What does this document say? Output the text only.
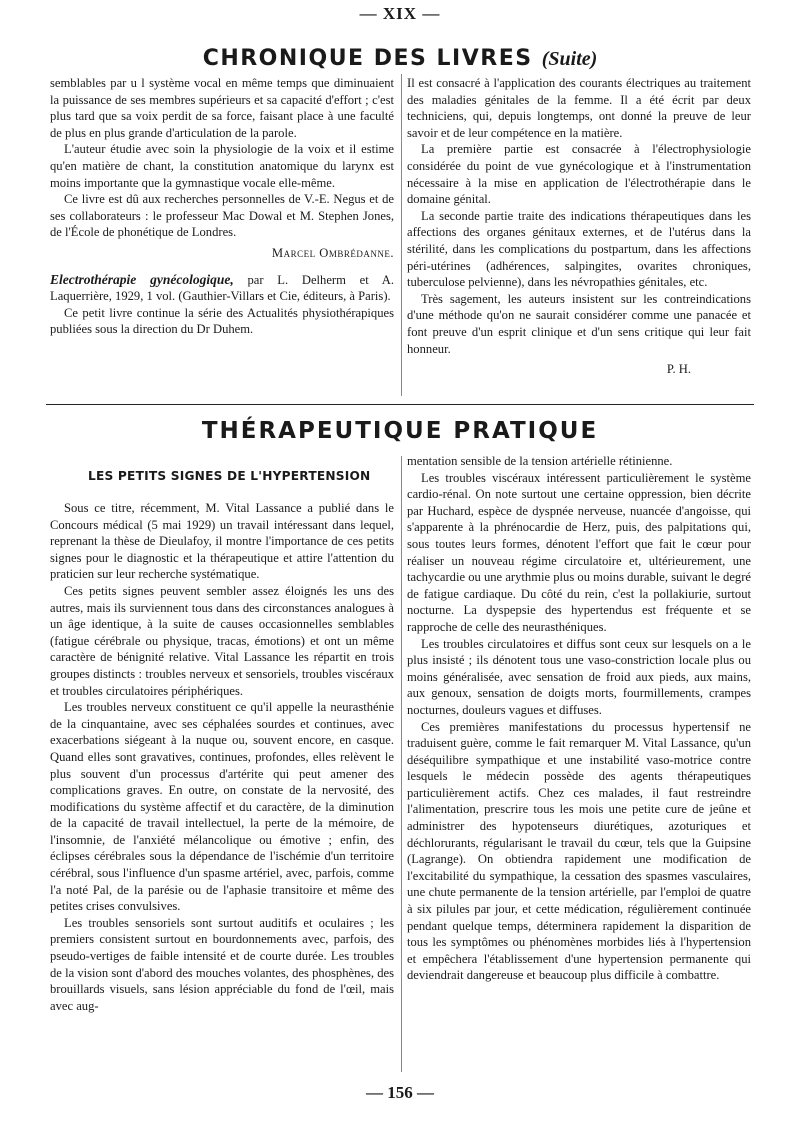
— XIX —
CHRONIQUE DES LIVRES (Suite)

semblables par u l système vocal en même temps que diminuaient la puissance de ses membres supérieurs et sa capacité d'effort ; c'est plus tard que sa voix perdit de sa force, faisant place à une faculté de plus en plus grande d'articulation de la parole.

L'auteur étudie avec soin la physiologie de la voix et il estime qu'en matière de chant, la constitution anatomique du larynx est moins importante que la gymnastique vocale elle-même.

Ce livre est dû aux recherches personnelles de V.-E. Negus et de ses collaborateurs : le professeur Mac Dowal et M. Stephen Jones, de l'École de phonétique de Londres.

Marcel Ombrédanne.

Electrothérapie gynécologique, par L. Delherm et A. Laquerrière, 1929, 1 vol. (Gauthier-Villars et Cie, éditeurs, à Paris).

Ce petit livre continue la série des Actualités physiothérapiques publiées sous la direction du Dr Duhem.

Il est consacré à l'application des courants électriques au traitement des maladies génitales de la femme. Il a été écrit par deux techniciens, qui, depuis longtemps, ont donné la preuve de leur savoir et de leur compétence en la matière.

La première partie est consacrée à l'électrophysiologie considérée du point de vue gynécologique et à l'instrumentation nécessaire à la mise en application de l'électrothérapie dans le domaine génital.

La seconde partie traite des indications thérapeutiques dans les affections des organes génitaux externes, et de l'utérus dans la stérilité, dans les complications du postpartum, dans les affections péri-utérines (adhérences, salpingites, ovarites chroniques, tuberculose pelvienne), dans les névropathies génitales, etc.

Très sagement, les auteurs insistent sur les contreindications d'une méthode qu'on ne saurait considérer comme une panacée et font preuve d'un esprit clinique et d'un sens critique qui leur fait honneur.

P. H.

THÉRAPEUTIQUE PRATIQUE
LES PETITS SIGNES DE L'HYPERTENSION

Sous ce titre, récemment, M. Vital Lassance a publié dans le Concours médical (5 mai 1929) un travail intéressant dans lequel, reprenant la thèse de Dieulafoy, il montre l'importance de ces petits signes pour le diagnostic et la thérapeutique et attire l'attention du praticien sur leur recherche systématique.

Ces petits signes peuvent sembler assez éloignés les uns des autres, mais ils surviennent tous dans des circonstances analogues à un âge identique, à la suite de causes occasionnelles semblables (fatigue cérébrale ou physique, tracas, émotions) et ont un même caractère de bénignité relative. Vital Lassance les répartit en trois groupes distincts : troubles nerveux et sensoriels, troubles viscéraux et troubles circulatoires périphériques.

Les troubles nerveux constituent ce qu'il appelle la neurasthénie de la cinquantaine, avec ses céphalées sourdes et continues, avec exacerbations siégeant à la nuque ou, souvent encore, en casque. Quand elles sont gravatives, continues, profondes, elles relèvent le plus souvent d'un processus d'artérite qui peut amener des complications graves. En outre, on constate de la nervosité, des modifications du système affectif et du caractère, de la diminution de la capacité de travail intellectuel, la perte de la mémoire, de l'insomnie, de l'anxiété mélancolique ou émotive ; enfin, des éclipses cérébrales sous la dépendance de l'ischémie d'un territoire cérébral, sous l'influence d'un spasme artériel, avec, parfois, comme l'a noté Pal, de la parésie ou de l'aphasie transitoire et même des petites crises convulsives.

Les troubles sensoriels sont surtout auditifs et oculaires ; les premiers consistent surtout en bourdonnements avec, parfois, des pseudo-vertiges de faible intensité et de courte durée. Les troubles de la vision sont d'abord des mouches volantes, des phosphènes, des brouillards visuels, sans lésion appréciable du fond de l'œil, mais avec aug-

mentation sensible de la tension artérielle rétinienne.

Les troubles viscéraux intéressent particulièrement le système cardio-rénal. On note surtout une certaine oppression, bien décrite par Huchard, espèce de dyspnée nerveuse, nuancée d'angoisse, qui s'apparente à la phrénocardie de Herz, puis, des palpitations qui, sous toutes leurs formes, dénotent l'effort que fait le cœur pour réaliser un nouveau régime circulatoire et, ultérieurement, une tachycardie ou une arythmie plus ou moins durable, suivant le degré de fatigue cardiaque. Du côté du rein, c'est la pollakiurie, surtout nocturne. La dyspepsie des hypertendus est fréquente et se rapproche de celle des neurasthéniques.

Les troubles circulatoires et diffus sont ceux sur lesquels on a le plus insisté ; ils dénotent tous une vaso-constriction locale plus ou moins généralisée, avec sensation de froid aux pieds, aux mains, aux genoux, sensation de doigts morts, fourmillements, crampes nocturnes, douleurs vagues et diffuses.

Ces premières manifestations du processus hypertensif ne traduisent guère, comme le fait remarquer M. Vital Lassance, qu'un déséquilibre sympathique et une instabilité vaso-motrice contre lesquels le médecin possède des agents thérapeutiques particulièrement actifs. Chez ces malades, il faut restreindre l'alimentation, prescrire tous les mois une petite cure de jeûne et administrer des hypotenseurs diurétiques, azoturiques et déchlorurants, régularisant le travail du cœur, tels que la Guipsine (Lagrange). On obtiendra rapidement une modification de l'excitabilité du sympathique, la cessation des spasmes vasculaires, une chute permanente de la tension artérielle, par l'emploi de quatre à six pilules par jour, et cette médication, régulièrement continuée pendant quelque temps, déterminera rapidement la disparition de tous les symptômes ou phénomènes morbides liés à l'hypertension et empêchera l'établissement d'une hypertension permanente qui deviendrait dangereuse et beaucoup plus difficile à combattre.

— 156 —
